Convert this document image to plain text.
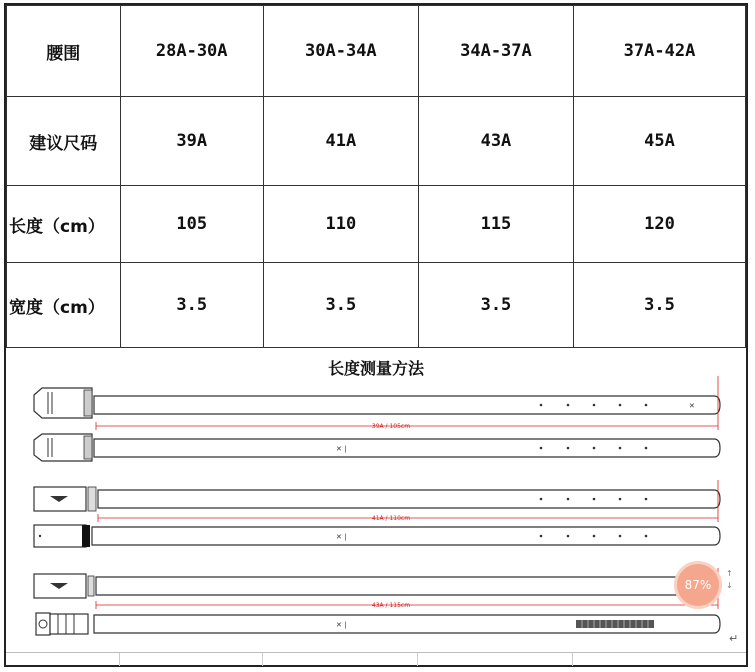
腰围	28A-30A	30A-34A	34A-37A	37A-42A
建议尺码	39A	41A	43A	45A
长度（cm）	105	110	115	120
宽度（cm）	3.5	3.5	3.5	3.5
长度测量方法
✕
39A / 105cm
✕ |
41A / 110cm
✕ |
43A / 115cm
✕ |
87%
↑
↓
↵
